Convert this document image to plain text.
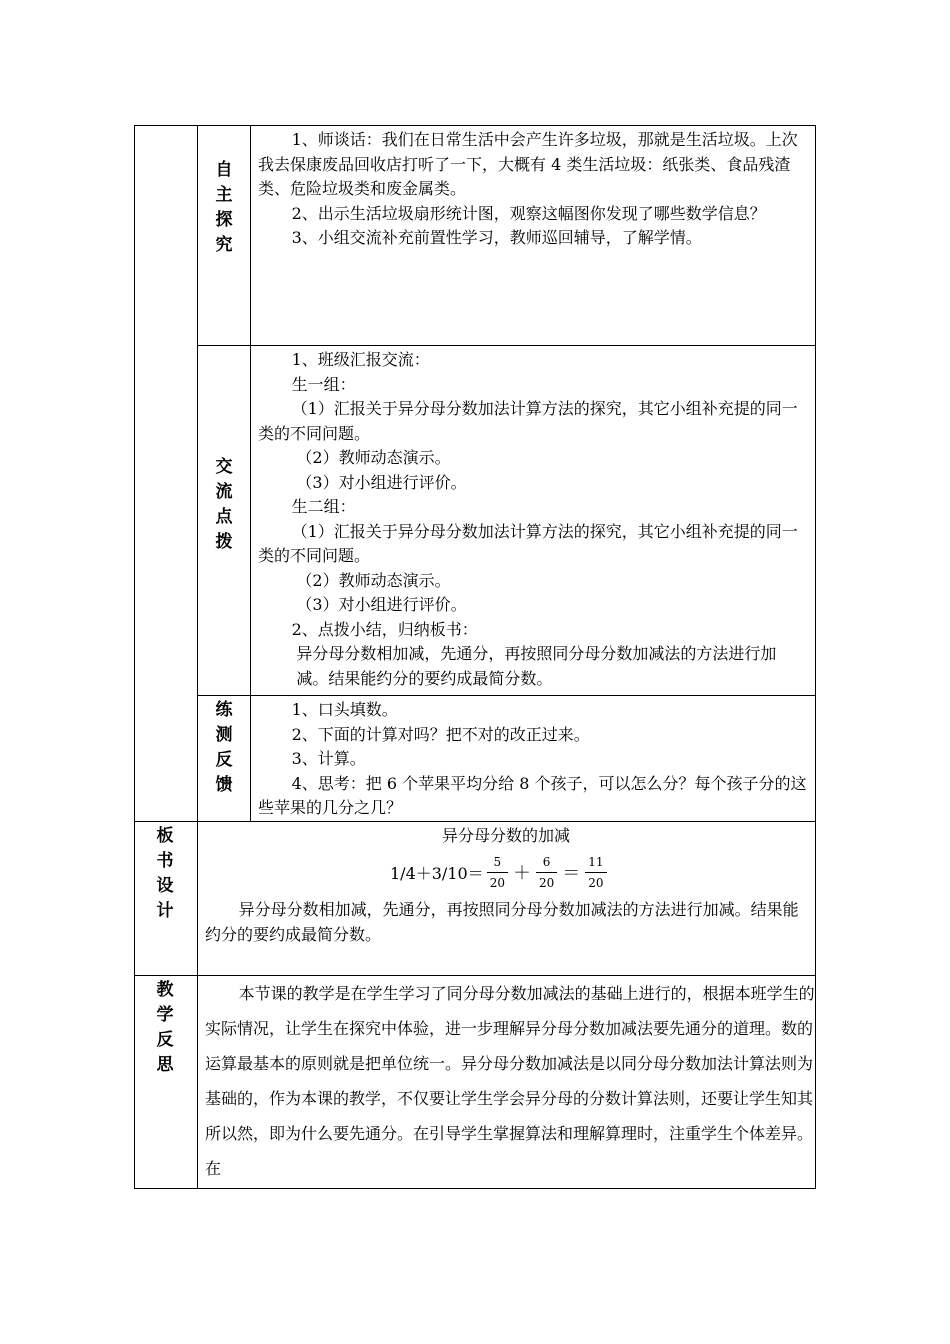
自主探究

1、师谈话：我们在日常生活中会产生许多垃圾，那就是生活垃圾。上次我去保康废品回收店打听了一下，大概有 4 类生活垃圾：纸张类、食品残渣类、危险垃圾类和废金属类。

2、出示生活垃圾扇形统计图，观察这幅图你发现了哪些数学信息？

3、小组交流补充前置性学习，教师巡回辅导，了解学情。

交流点拨

1、班级汇报交流：

生一组：

（1）汇报关于异分母分数加法计算方法的探究，其它小组补充提的同一类的不同问题。

（2）教师动态演示。

（3）对小组进行评价。

生二组：

（1）汇报关于异分母分数加法计算方法的探究，其它小组补充提的同一类的不同问题。

（2）教师动态演示。

（3）对小组进行评价。

2、点拨小结，归纳板书：

异分母分数相加减，先通分，再按照同分母分数加减法的方法进行加减。结果能约分的要约成最简分数。

练测反馈

1、口头填数。

2、下面的计算对吗？把不对的改正过来。

3、计算。

4、思考：把 6 个苹果平均分给 8 个孩子，可以怎么分？每个孩子分的这些苹果的几分之几？

板书设计
异分母分数的加减
$1/4+3/10= \frac{5}{20} + \frac{6}{20} = \frac{11}{20}$

异分母分数相加减，先通分，再按照同分母分数加减法的方法进行加减。结果能约分的要约成最简分数。

教学反思

本节课的教学是在学生学习了同分母分数加减法的基础上进行的，根据本班学生的实际情况，让学生在探究中体验，进一步理解异分母分数加减法要先通分的道理。数的运算最基本的原则就是把单位统一。异分母分数加减法是以同分母分数加法计算法则为基础的，作为本课的教学，不仅要让学生学会异分母的分数计算法则，还要让学生知其所以然，即为什么要先通分。在引导学生掌握算法和理解算理时，注重学生个体差异。在
